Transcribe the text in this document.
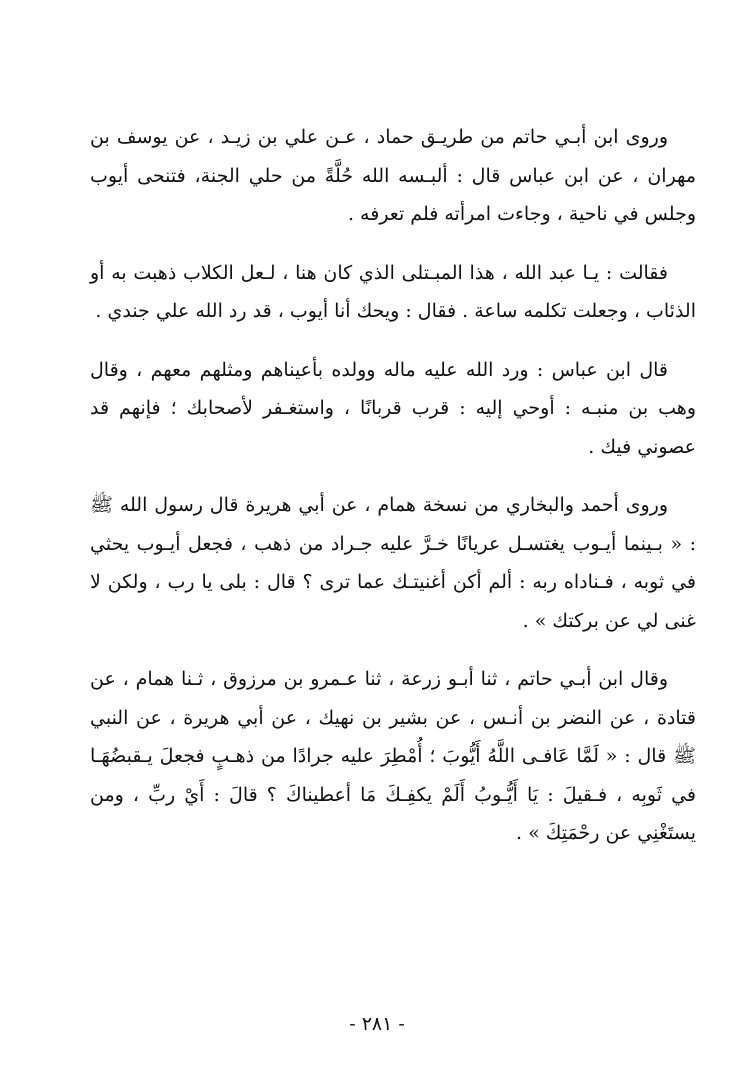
وروى ابن أبـي حاتم من طريـق حماد ، عـن علي بن زيـد ، عن يوسف بن مهران ، عن ابن عباس قال : ألبـسه الله حُلَّةً من حلي الجنة، فتنحى أيوب وجلس في ناحية ، وجاءت امرأته فلم تعرفه .

فقالت : يـا عبد الله ، هذا المبـتلى الذي كان هنا ، لـعل الكلاب ذهبت به أو الذئاب ، وجعلت تكلمه ساعة . فقال : ويحك أنا أيوب ، قد رد الله علي جندي .

قال ابن عباس : ورد الله عليه ماله وولده بأعيناهم ومثلهم معهم ، وقال وهب بن منبـه : أوحي إليه : قرب قربانًا ، واستغـفر لأصحابك ؛ فإنهم قد عصوني فيك .

وروى أحمد والبخاري من نسخة همام ، عن أبي هريرة قال رسول الله ﷺ : « بـينما أيـوب يغتسـل عريانًا خـرَّ عليه جـراد من ذهب ، فجعل أيـوب يحثي في ثوبه ، فـناداه ربه : ألم أكن أغنيتـك عما ترى ؟ قال : بلى يا رب ، ولكن لا غنى لي عن بركتك » .

وقال ابن أبـي حاتم ، ثنا أبـو زرعة ، ثنا عـمرو بن مرزوق ، ثـنا همام ، عن قتادة ، عن النضر بن أنـس ، عن بشير بن نهيك ، عن أبي هريرة ، عن النبي ﷺ قال : « لَمَّا عَافـى اللَّهُ أَيُّوبَ ؛ أُمْطِرَ عليه جرادًا من ذهـبٍ فجعلَ يـقبضُهَـا في ثَوبِه ، فـقيلَ : يَا أَيُّـوبُ أَلَمْ يكفِـكَ مَا أعطيناكَ ؟ قالَ : أَيْ ربِّ ، ومن يستَغْنِي عن رحْمَتِكَ » .

- ٢٨١ -
